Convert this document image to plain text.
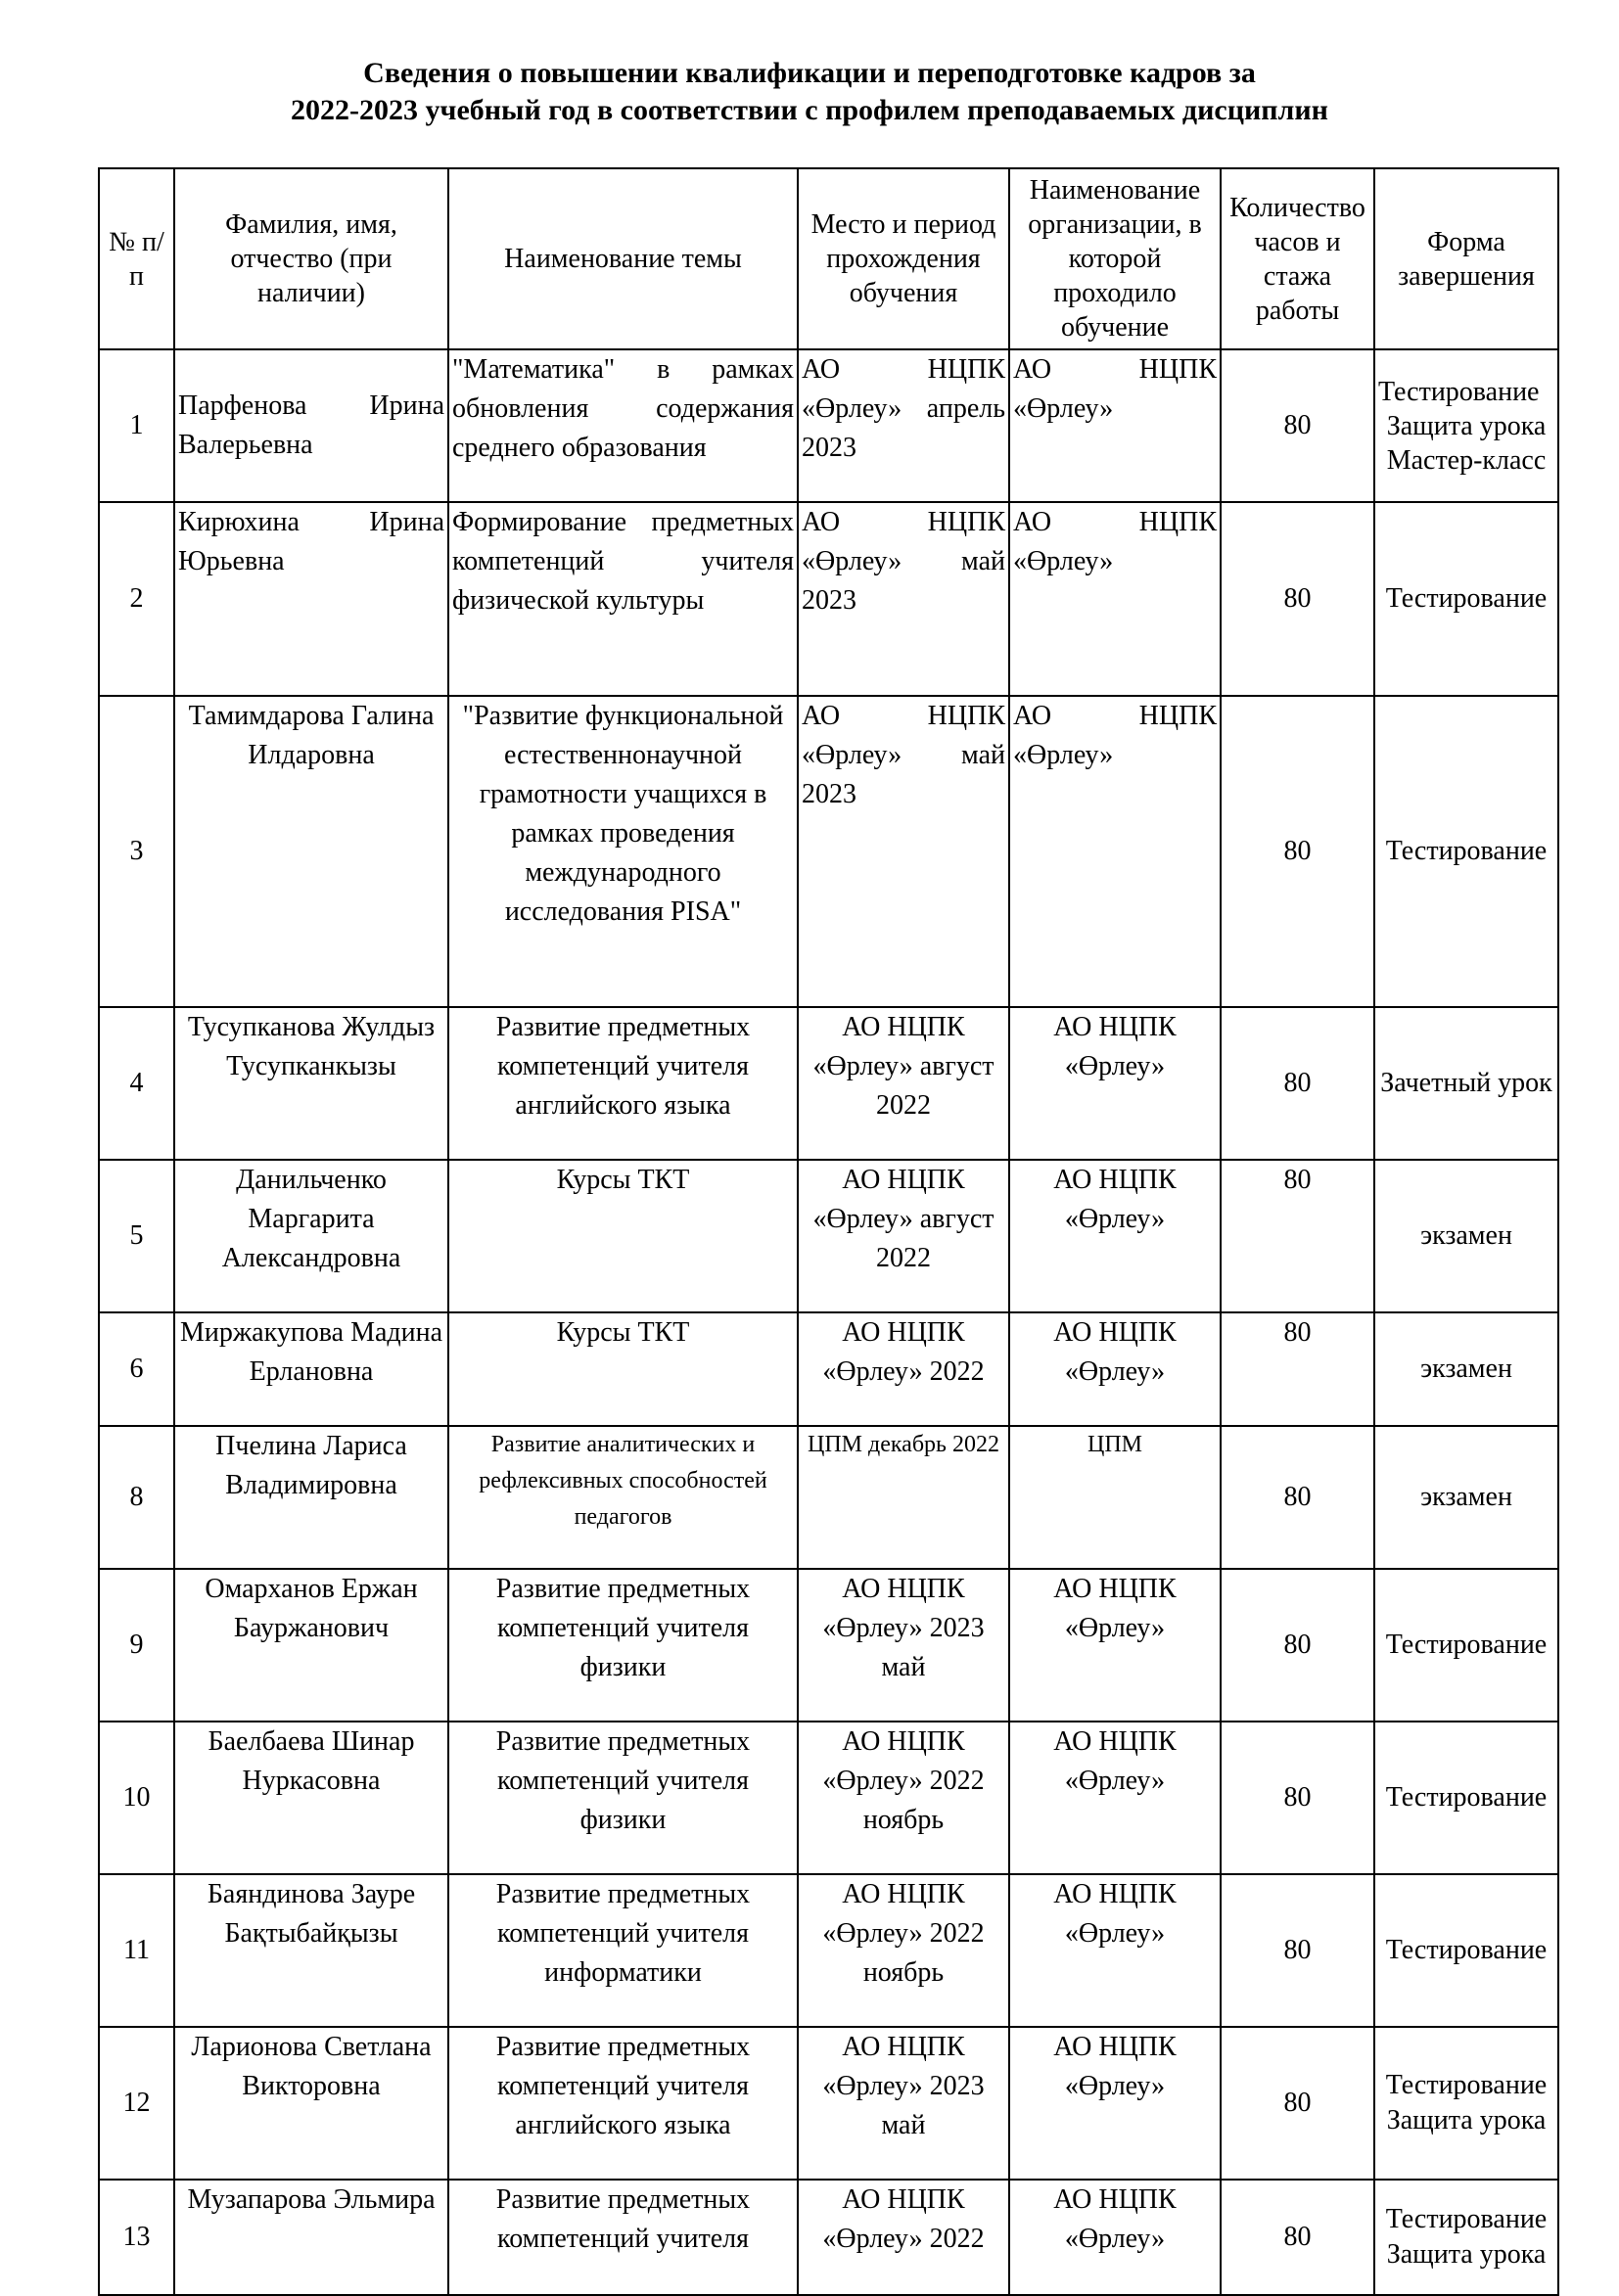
Сведения о повышении квалификации и переподготовке кадров за
2022-2023 учебный год в соответствии с профилем преподаваемых дисциплин
№ п/п	Фамилия, имя, отчество (при наличии)	Наименование темы	Место и период прохождения обучения	Наименование организации, в которой проходило обучение	Количество часов и стажа работы	Форма завершения
1	Парфенова Ирина Валерьевна	"Математика" в рамках обновления содержания среднего образования	АО НЦПК «Өрлеу» апрель 2023	АО НЦПК «Өрлеу»	80	Тестирование
Защита урока
Мастер-класс

2	Кирюхина Ирина Юрьевна	Формирование предметных компетенций учителя физической культуры	АО НЦПК «Өрлеу» май 2023	АО НЦПК «Өрлеу»	80	Тестирование
3	Тамимдарова Галина Илдаровна	"Развитие функциональной естественнонаучной грамотности учащихся в рамках проведения международного исследования PISA"	АО НЦПК «Өрлеу» май 2023	АО НЦПК «Өрлеу»	80	Тестирование
4	Тусупканова Жулдыз Тусупканкызы	Развитие предметных компетенций учителя английского языка	АО НЦПК «Өрлеу» август 2022	АО НЦПК «Өрлеу»	80	Зачетный урок
5	Данильченко Маргарита Александровна	Курсы ТКТ	АО НЦПК «Өрлеу» август 2022	АО НЦПК «Өрлеу»	80	экзамен
6	Миржакупова Мадина Ерлановна	Курсы ТКТ	АО НЦПК «Өрлеу» 2022	АО НЦПК «Өрлеу»	80	экзамен
8	Пчелина Лариса Владимировна	Развитие аналитических и рефлексивных способностей педагогов	ЦПМ декабрь 2022	ЦПМ	80	экзамен
9	Омарханов Ержан Бауржанович	Развитие предметных компетенций учителя физики	АО НЦПК «Өрлеу» 2023 май	АО НЦПК «Өрлеу»	80	Тестирование
10	Баелбаева Шинар Нуркасовна	Развитие предметных компетенций учителя физики	АО НЦПК «Өрлеу» 2022 ноябрь	АО НЦПК «Өрлеу»	80	Тестирование
11	Баяндинова Зауре Бақтыбайқызы	Развитие предметных компетенций учителя информатики	АО НЦПК «Өрлеу» 2022 ноябрь	АО НЦПК «Өрлеу»	80	Тестирование
12	Ларионова Светлана Викторовна	Развитие предметных компетенций учителя английского языка	АО НЦПК «Өрлеу» 2023 май	АО НЦПК «Өрлеу»	80	Тестирование
Защита урока

13	Музапарова Эльмира	Развитие предметных компетенций учителя	АО НЦПК «Өрлеу» 2022	АО НЦПК «Өрлеу»	80	Тестирование
Защита урока
